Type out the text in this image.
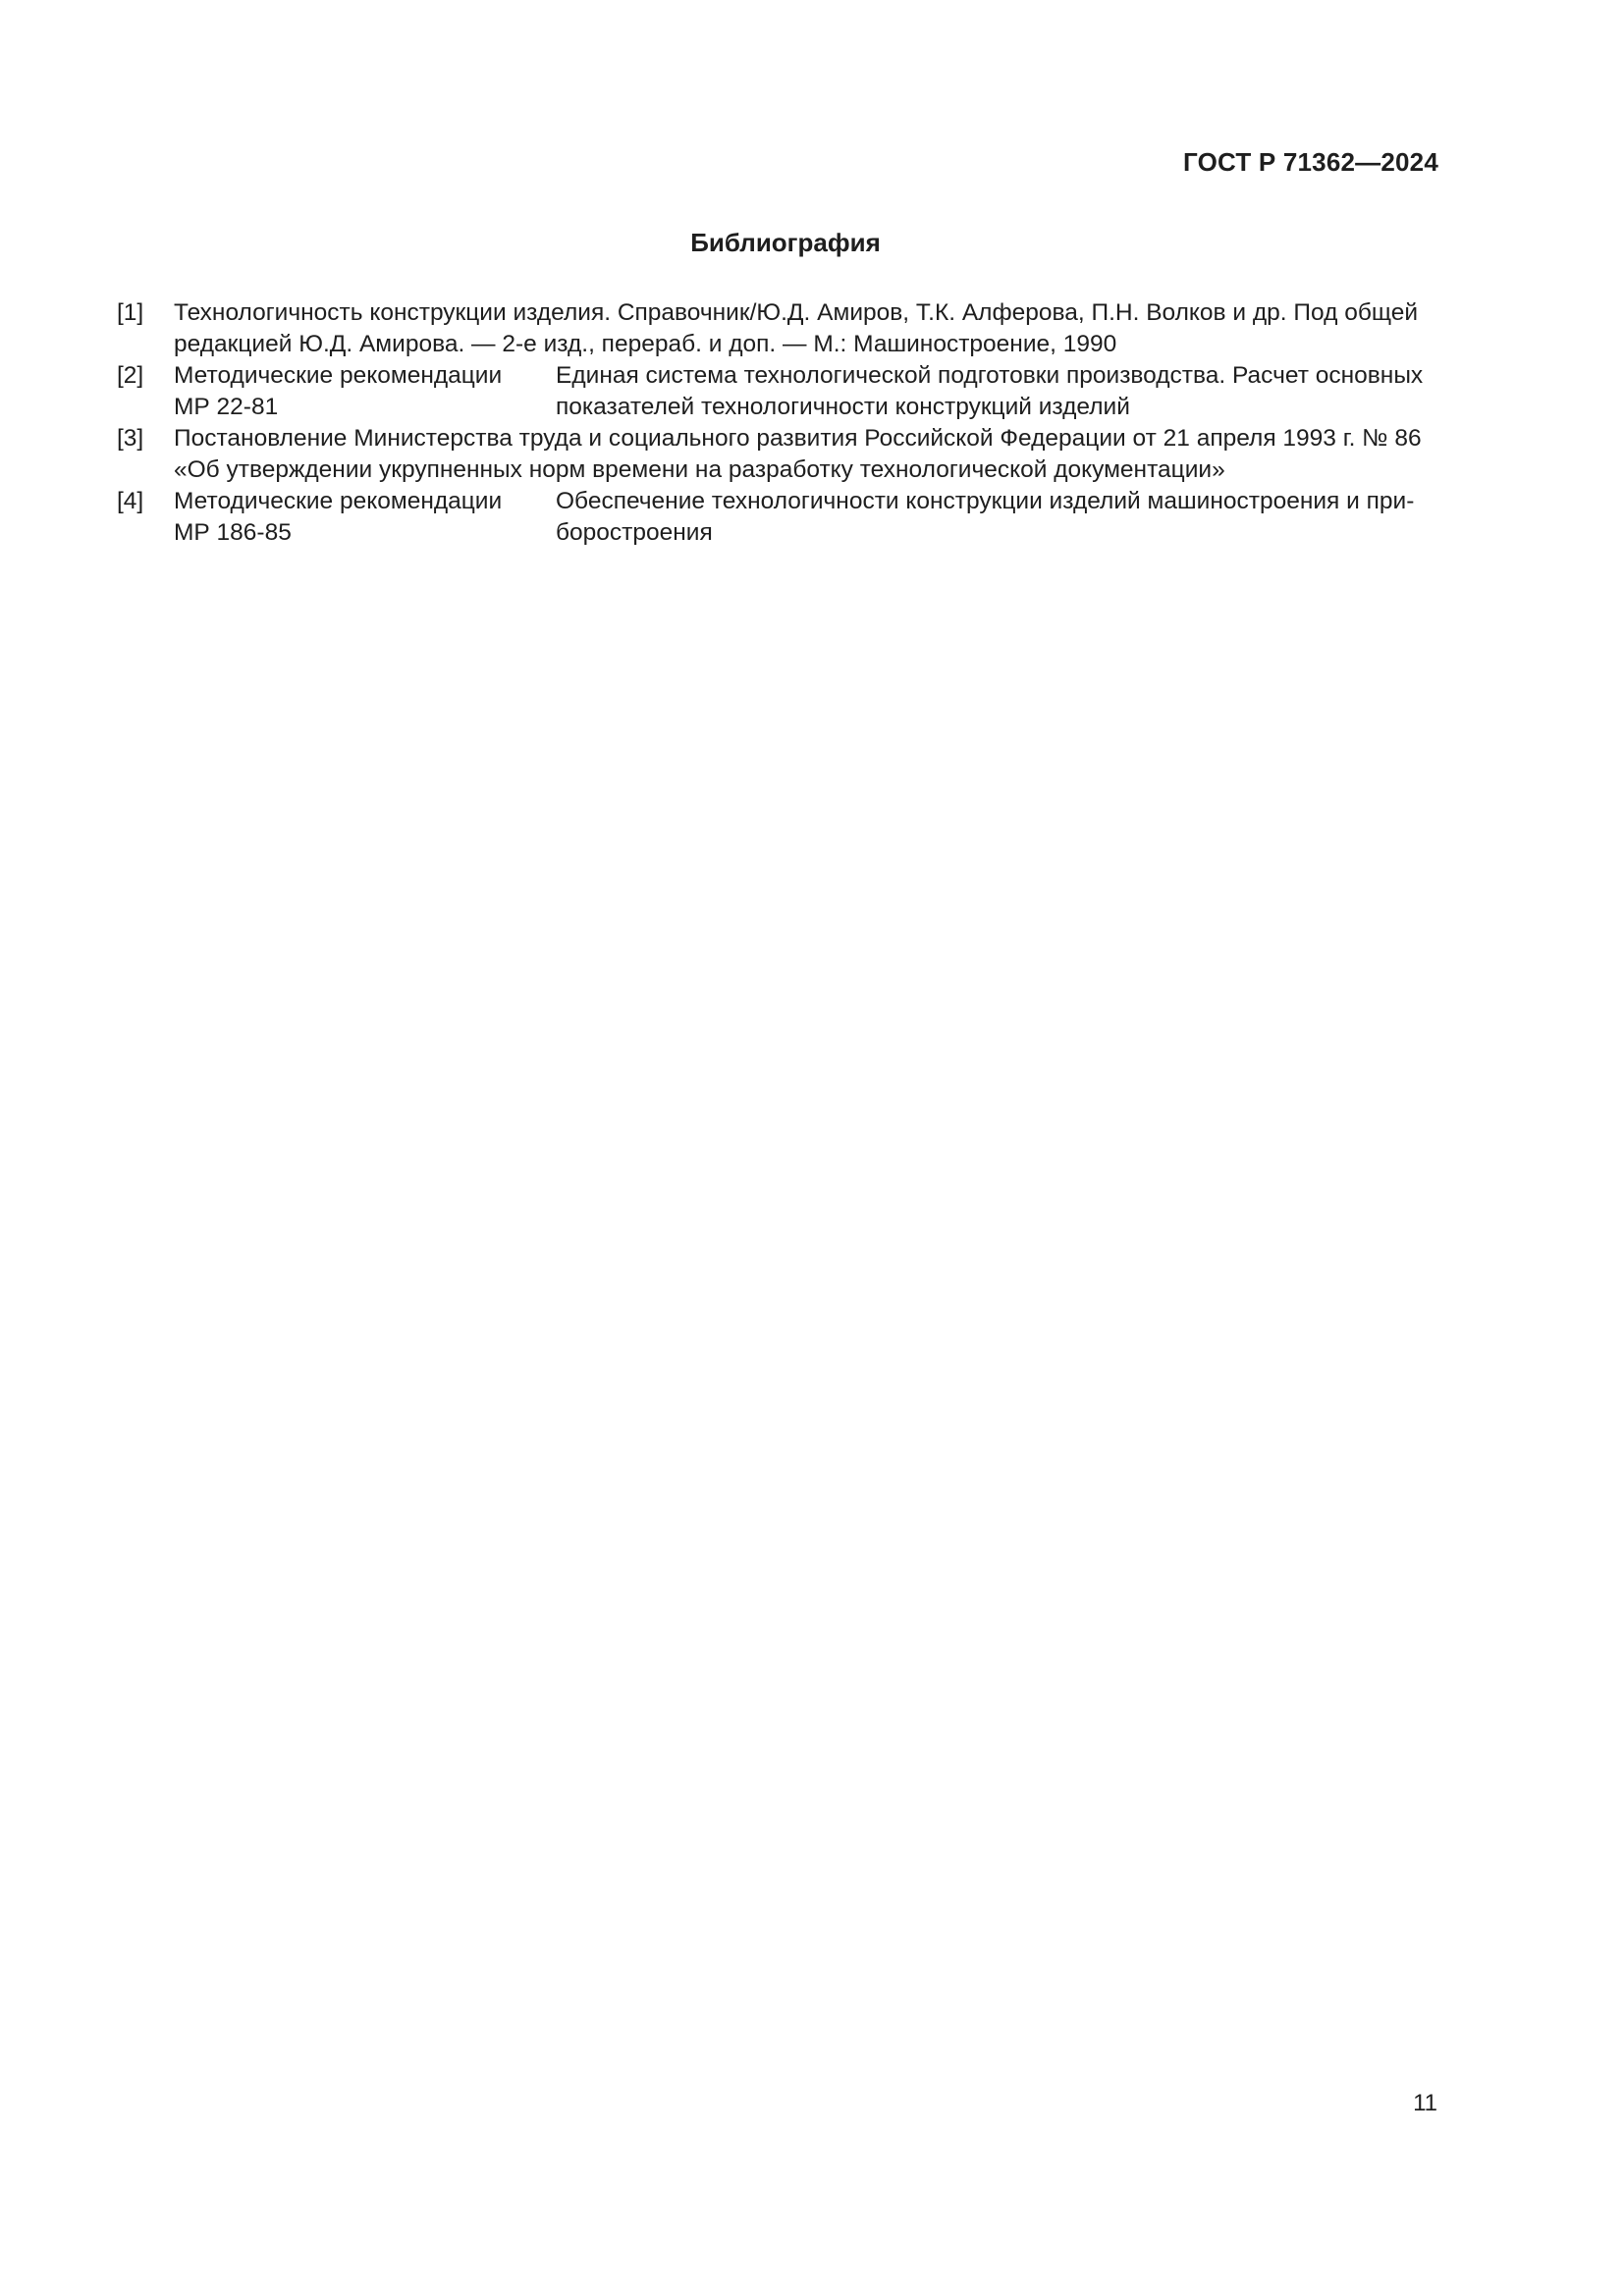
ГОСТ Р 71362—2024
Библиография
[1] Технологичность конструкции изделия. Справочник/Ю.Д. Амиров, Т.К. Алферова, П.Н. Волков и др. Под общей
редакцией Ю.Д. Амирова. — 2-е изд., перераб. и доп. — М.: Машиностроение, 1990
[2] Методические рекомендации
МР 22-81
Единая система технологической подготовки производства. Расчет основных
показателей технологичности конструкций изделий
[3] Постановление Министерства труда и социального развития Российской Федерации от 21 апреля 1993 г. № 86
«Об утверждении укрупненных норм времени на разработку технологической документации»
[4] Методические рекомендации
МР 186-85
Обеспечение технологичности конструкции изделий машиностроения и при-
боростроения
11
